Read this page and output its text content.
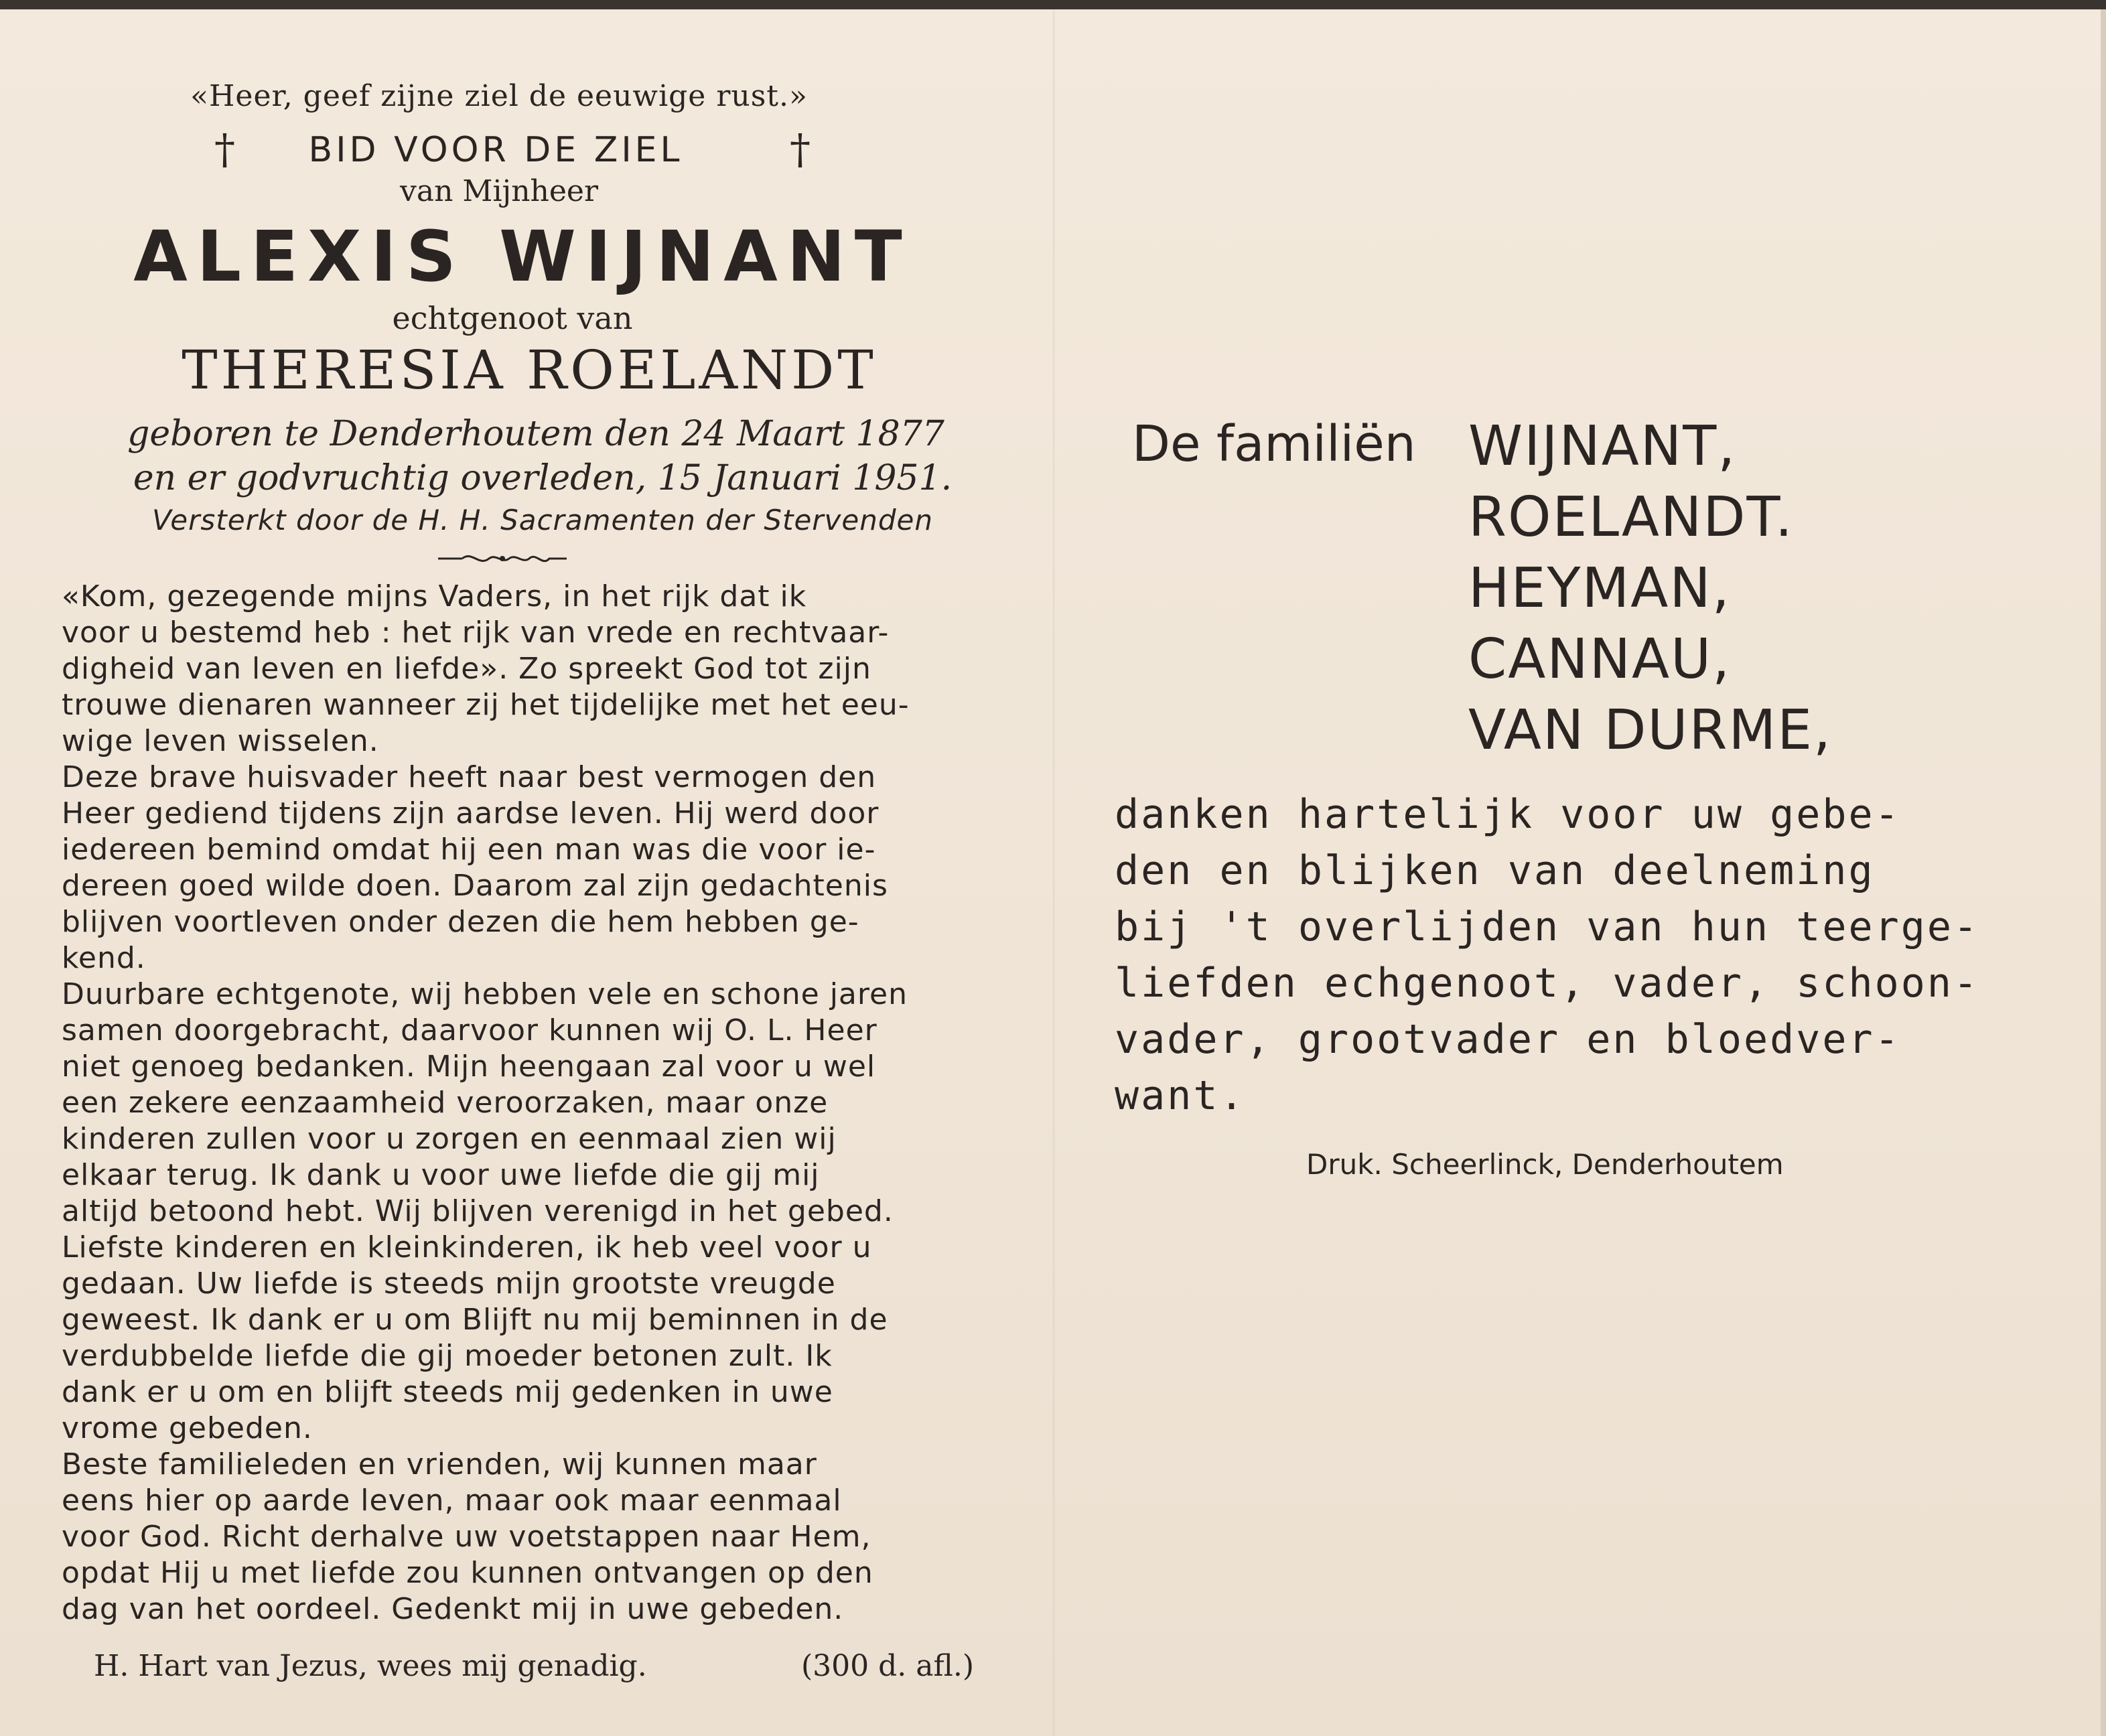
«Heer, geef zijne ziel de eeuwige rust.»
†	BID VOOR DE ZIEL	†
van Mijnheer
ALEXIS WIJNANT
echtgenoot van
THERESIA ROELANDT
geboren te Denderhoutem den 24 Maart 1877
en er godvruchtig overleden, 15 Januari 1951.
Versterkt door de H. H. Sacramenten der Stervenden

«Kom, gezegende mijns Vaders, in het rijk dat ik

voor u bestemd heb : het rijk van vrede en rechtvaar-

digheid van leven en liefde». Zo spreekt God tot zijn

trouwe dienaren wanneer zij het tijdelijke met het eeu-

wige leven wisselen.

Deze brave huisvader heeft naar best vermogen den

Heer gediend tijdens zijn aardse leven. Hij werd door

iedereen bemind omdat hij een man was die voor ie-

dereen goed wilde doen. Daarom zal zijn gedachtenis

blijven voortleven onder dezen die hem hebben ge-

kend.

Duurbare echtgenote, wij hebben vele en schone jaren

samen doorgebracht, daarvoor kunnen wij O. L. Heer

niet genoeg bedanken. Mijn heengaan zal voor u wel

een zekere eenzaamheid veroorzaken, maar onze

kinderen zullen voor u zorgen en eenmaal zien wij

elkaar terug. Ik dank u voor uwe liefde die gij mij

altijd betoond hebt. Wij blijven verenigd in het gebed.

Liefste kinderen en kleinkinderen, ik heb veel voor u

gedaan. Uw liefde is steeds mijn grootste vreugde

geweest. Ik dank er u om Blijft nu mij beminnen in de

verdubbelde liefde die gij moeder betonen zult. Ik

dank er u om en blijft steeds mij gedenken in uwe

vrome gebeden.

Beste familieleden en vrienden, wij kunnen maar

eens hier op aarde leven, maar ook maar eenmaal

voor God. Richt derhalve uw voetstappen naar Hem,

opdat Hij u met liefde zou kunnen ontvangen op den

dag van het oordeel. Gedenkt mij in uwe gebeden.

H. Hart van Jezus, wees mij genadig.	(300 d. afl.)
De familiën WIJNANT,
ROELANDT.
HEYMAN,
CANNAU,
VAN DURME,
danken hartelijk voor uw gebe-
den en blijken van deelneming
bij 't overlijden van hun teerge-
liefden echgenoot, vader, schoon-
vader, grootvader en bloedver-
want.
Druk. Scheerlinck, Denderhoutem
